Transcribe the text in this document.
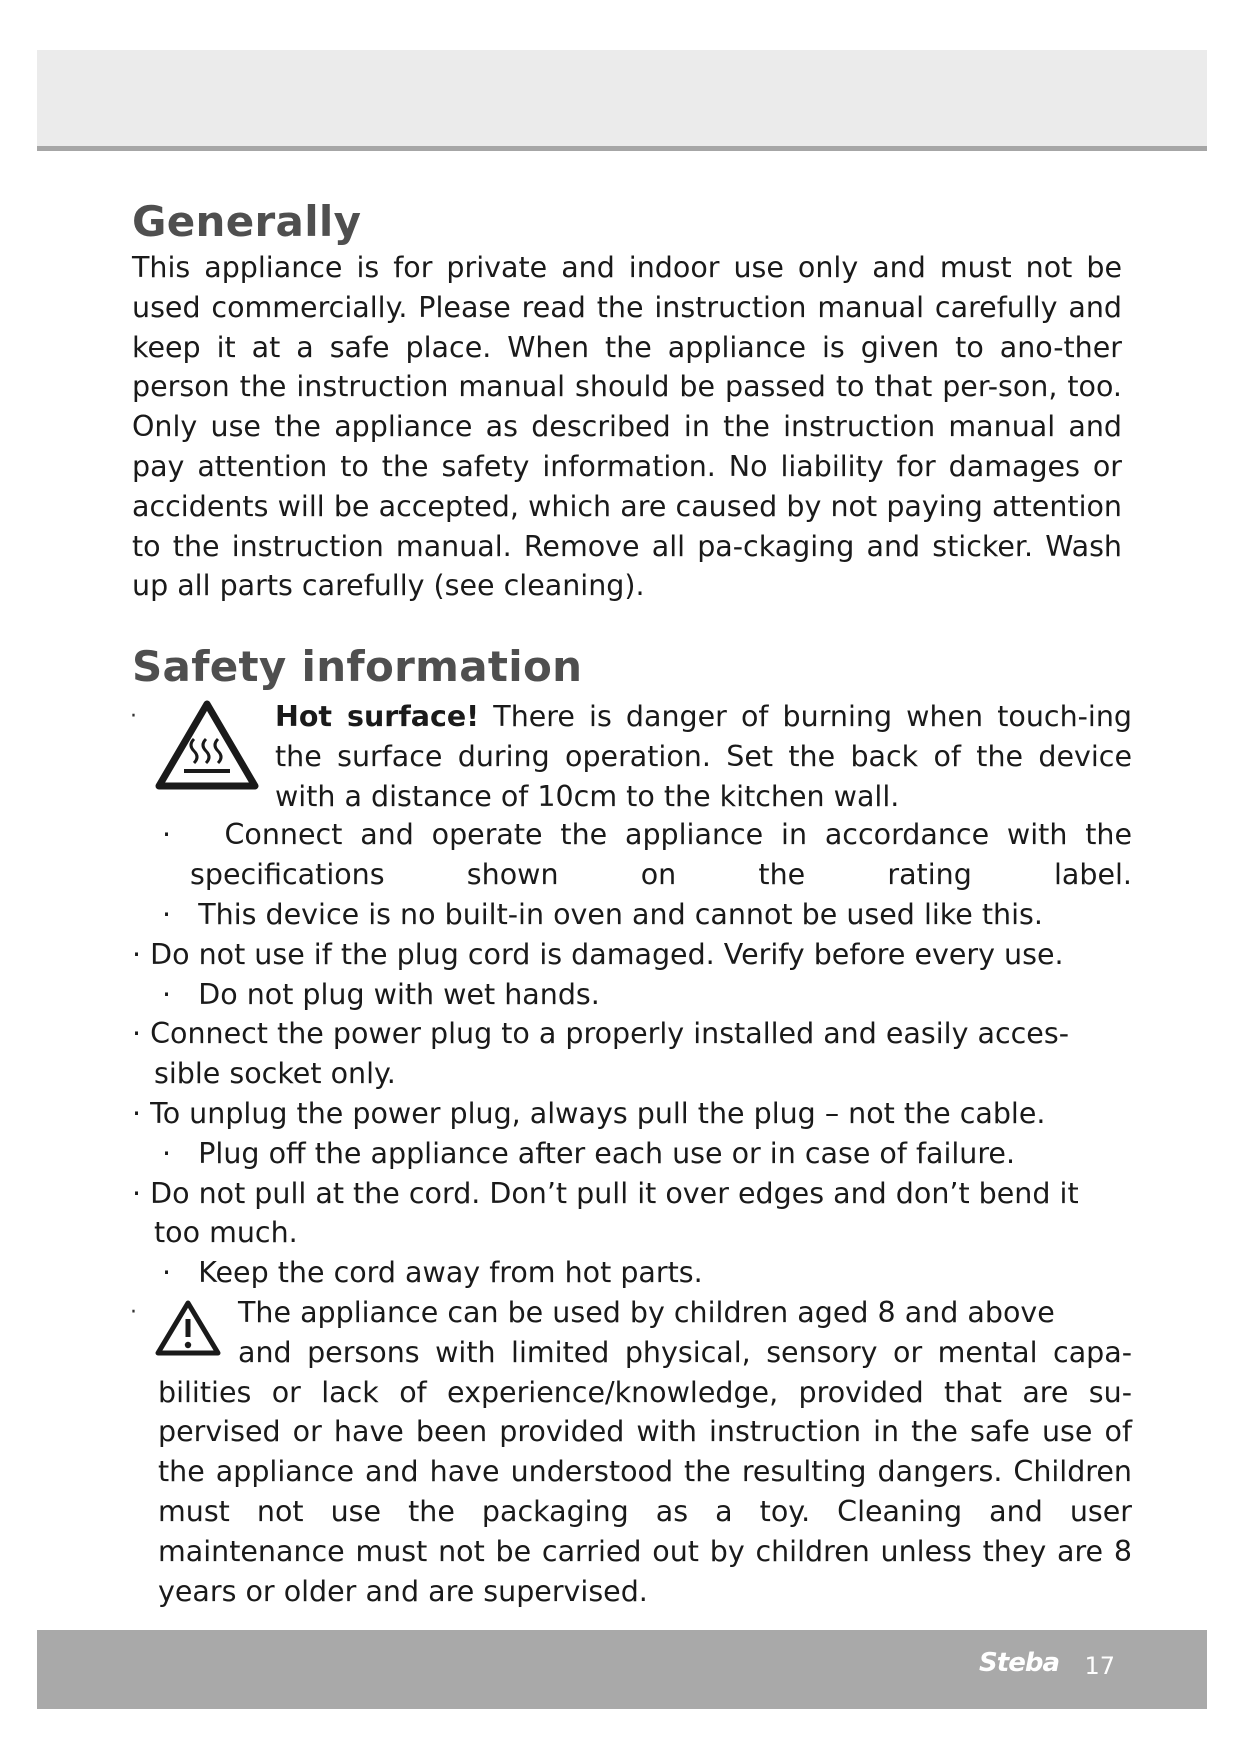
Generally

This appliance is for private and indoor use only and must not be used commercially. Please read the instruction manual carefully and keep it at a safe place. When the appliance is given to ano-ther person the instruction manual should be passed to that per-son, too. Only use the appliance as described in the instruction manual and pay attention to the safety information. No liability for damages or accidents will be accepted, which are caused by not paying attention to the instruction manual. Remove all pa-ckaging and sticker. Wash up all parts carefully (see cleaning).

Safety information
·	Hot surface! There is danger of burning when touch-ing the surface during operation. Set the back of the device with a distance of 10cm to the kitchen wall.
· Connect and operate the appliance in accordance with the specifications shown on the rating label.
· This device is no built-in oven and cannot be used like this.
· Do not use if the plug cord is damaged. Verify before every use.
· Do not plug with wet hands.
· Connect the power plug to a properly installed and easily acces-sible socket only.
· To unplug the power plug, always pull the plug – not the cable.
· Plug off the appliance after each use or in case of failure.
· Do not pull at the cord. Don’t pull it over edges and don’t bend it too much.
· Keep the cord away from hot parts.
·	The appliance can be used by children aged 8 and above
and persons with limited physical, sensory or mental capa-bilities or lack of experience/knowledge, provided that are su-pervised or have been provided with instruction in the safe use of the appliance and have understood the resulting dangers. Children must not use the packaging as a toy. Cleaning and user maintenance must not be carried out by children unless they are 8 years or older and are supervised.
Steba 17
